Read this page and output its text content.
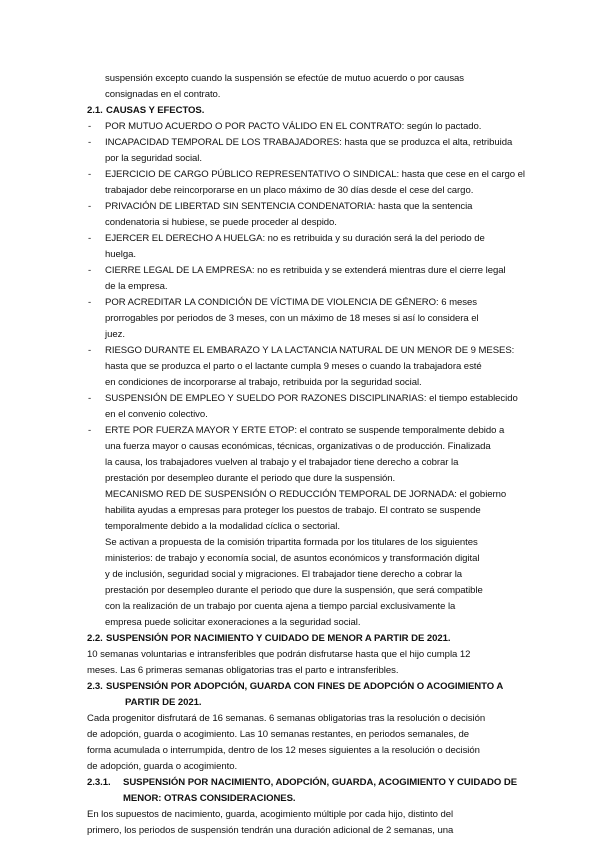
suspensión excepto cuando la suspensión se efectúe de mutuo acuerdo o por causas
consignadas en el contrato.
2.1. CAUSAS Y EFECTOS.
- POR MUTUO ACUERDO O POR PACTO VÁLIDO EN EL CONTRATO: según lo pactado.
- INCAPACIDAD TEMPORAL DE LOS TRABAJADORES: hasta que se produzca el alta, retribuida
por la seguridad social.
- EJERCICIO DE CARGO PÚBLICO REPRESENTATIVO O SINDICAL: hasta que cese en el cargo el
trabajador debe reincorporarse en un placo máximo de 30 días desde el cese del cargo.
- PRIVACIÓN DE LIBERTAD SIN SENTENCIA CONDENATORIA: hasta que la sentencia
condenatoria si hubiese, se puede proceder al despido.
- EJERCER EL DERECHO A HUELGA: no es retribuida y su duración será la del periodo de
huelga.
- CIERRE LEGAL DE LA EMPRESA: no es retribuida y se extenderá mientras dure el cierre legal
de la empresa.
- POR ACREDITAR LA CONDICIÓN DE VÍCTIMA DE VIOLENCIA DE GÉNERO: 6 meses
prorrogables por periodos de 3 meses, con un máximo de 18 meses si así lo considera el
juez.
- RIESGO DURANTE EL EMBARAZO Y LA LACTANCIA NATURAL DE UN MENOR DE 9 MESES:
hasta que se produzca el parto o el lactante cumpla 9 meses o cuando la trabajadora esté
en condiciones de incorporarse al trabajo, retribuida por la seguridad social.
- SUSPENSIÓN DE EMPLEO Y SUELDO POR RAZONES DISCIPLINARIAS: el tiempo establecido
en el convenio colectivo.
- ERTE POR FUERZA MAYOR Y ERTE ETOP: el contrato se suspende temporalmente debido a
una fuerza mayor o causas económicas, técnicas, organizativas o de producción. Finalizada
la causa, los trabajadores vuelven al trabajo y el trabajador tiene derecho a cobrar la
prestación por desempleo durante el periodo que dure la suspensión.
MECANISMO RED DE SUSPENSIÓN O REDUCCIÓN TEMPORAL DE JORNADA: el gobierno
habilita ayudas a empresas para proteger los puestos de trabajo. El contrato se suspende
temporalmente debido a la modalidad cíclica o sectorial.
Se activan a propuesta de la comisión tripartita formada por los titulares de los siguientes
ministerios: de trabajo y economía social, de asuntos económicos y transformación digital
y de inclusión, seguridad social y migraciones. El trabajador tiene derecho a cobrar la
prestación por desempleo durante el periodo que dure la suspensión, que será compatible
con la realización de un trabajo por cuenta ajena a tiempo parcial exclusivamente la
empresa puede solicitar exoneraciones a la seguridad social.
2.2. SUSPENSIÓN POR NACIMIENTO Y CUIDADO DE MENOR A PARTIR DE 2021.
10 semanas voluntarias e intransferibles que podrán disfrutarse hasta que el hijo cumpla 12
meses. Las 6 primeras semanas obligatorias tras el parto e intransferibles.
2.3. SUSPENSIÓN POR ADOPCIÓN, GUARDA CON FINES DE ADOPCIÓN O ACOGIMIENTO A
PARTIR DE 2021.
Cada progenitor disfrutará de 16 semanas. 6 semanas obligatorias tras la resolución o decisión
de adopción, guarda o acogimiento. Las 10 semanas restantes, en periodos semanales, de
forma acumulada o interrumpida, dentro de los 12 meses siguientes a la resolución o decisión
de adopción, guarda o acogimiento.
2.3.1. SUSPENSIÓN POR NACIMIENTO, ADOPCIÓN, GUARDA, ACOGIMIENTO Y CUIDADO DE
MENOR: OTRAS CONSIDERACIONES.
En los supuestos de nacimiento, guarda, acogimiento múltiple por cada hijo, distinto del
primero, los periodos de suspensión tendrán una duración adicional de 2 semanas, una
